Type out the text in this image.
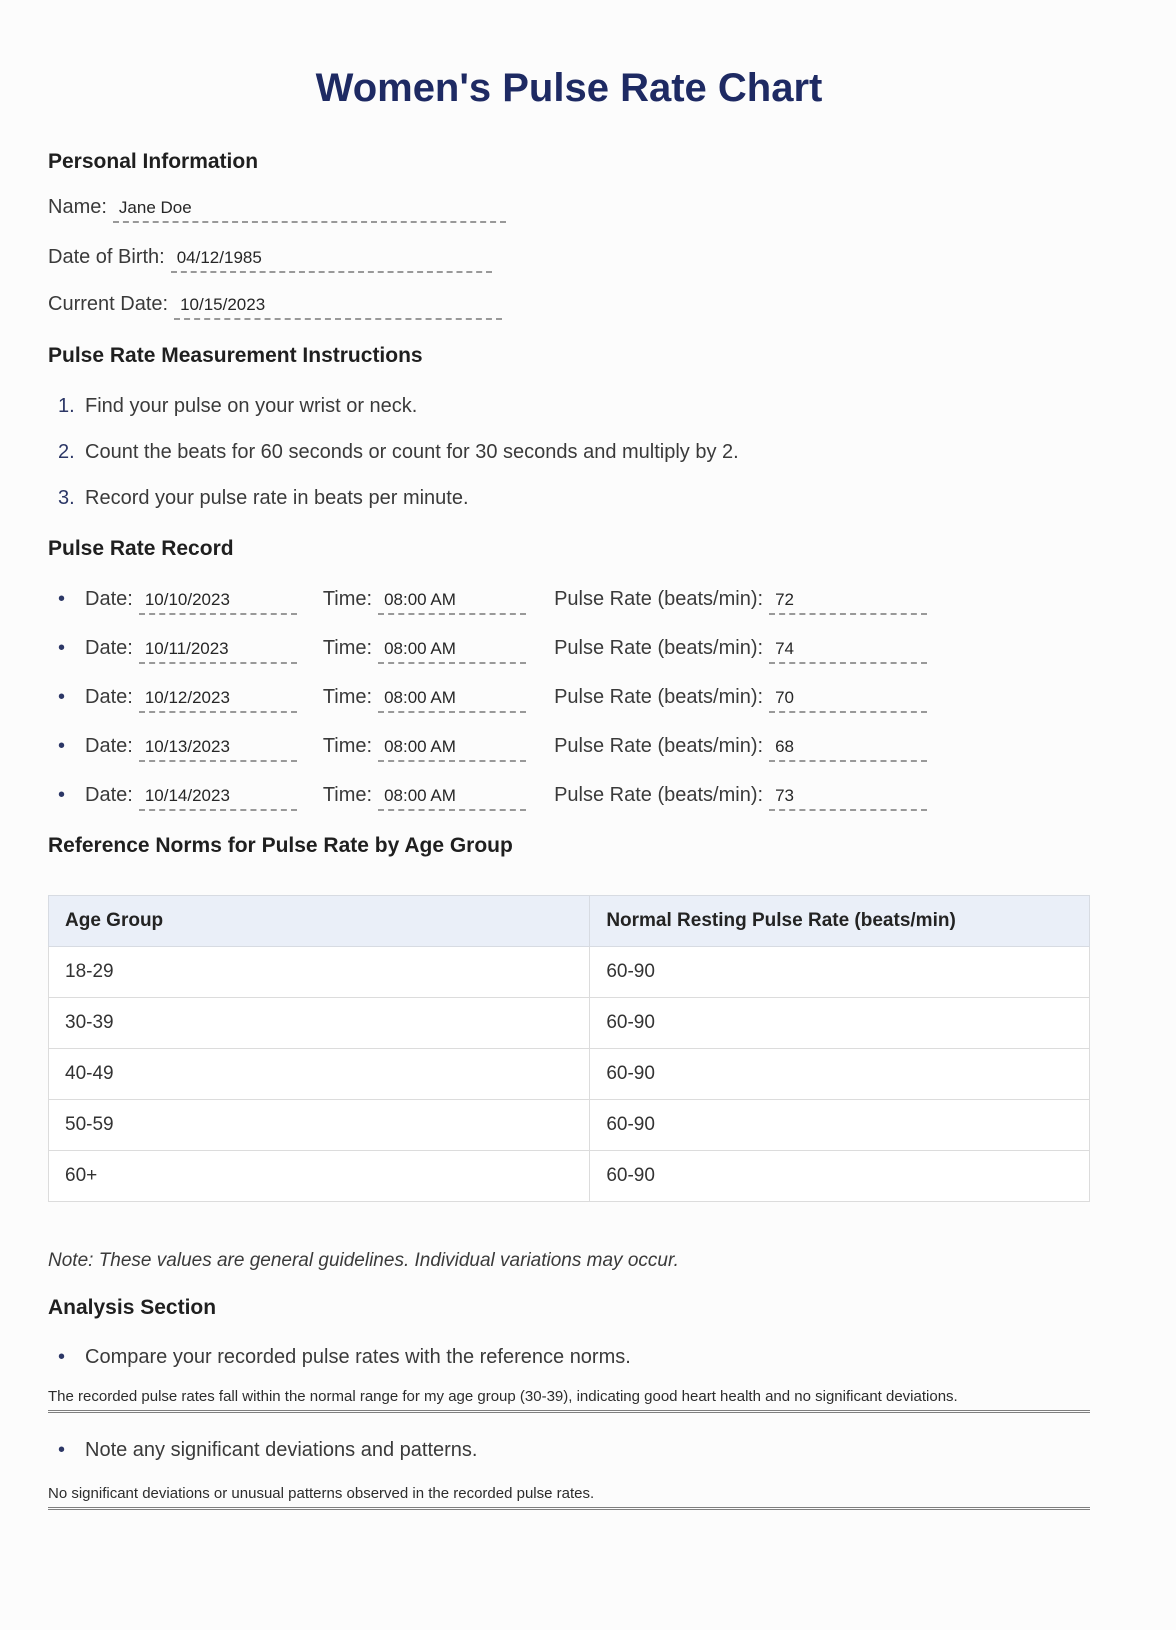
Women's Pulse Rate Chart
Personal Information
Name: Jane Doe
Date of Birth: 04/12/1985
Current Date: 10/15/2023
Pulse Rate Measurement Instructions
1. Find your pulse on your wrist or neck.
2. Count the beats for 60 seconds or count for 30 seconds and multiply by 2.
3. Record your pulse rate in beats per minute.
Pulse Rate Record
•
Date: 10/10/2023	Time: 08:00 AM	Pulse Rate (beats/min): 72
•
Date: 10/11/2023	Time: 08:00 AM	Pulse Rate (beats/min): 74
•
Date: 10/12/2023	Time: 08:00 AM	Pulse Rate (beats/min): 70
•
Date: 10/13/2023	Time: 08:00 AM	Pulse Rate (beats/min): 68
•
Date: 10/14/2023	Time: 08:00 AM	Pulse Rate (beats/min): 73
Reference Norms for Pulse Rate by Age Group
Age Group	Normal Resting Pulse Rate (beats/min)
18-29	60-90
30-39	60-90
40-49	60-90
50-59	60-90
60+	60-90

Note: These values are general guidelines. Individual variations may occur.

Analysis Section
•
Compare your recorded pulse rates with the reference norms.
The recorded pulse rates fall within the normal range for my age group (30-39), indicating good heart health and no significant deviations.
•
Note any significant deviations and patterns.
No significant deviations or unusual patterns observed in the recorded pulse rates.
